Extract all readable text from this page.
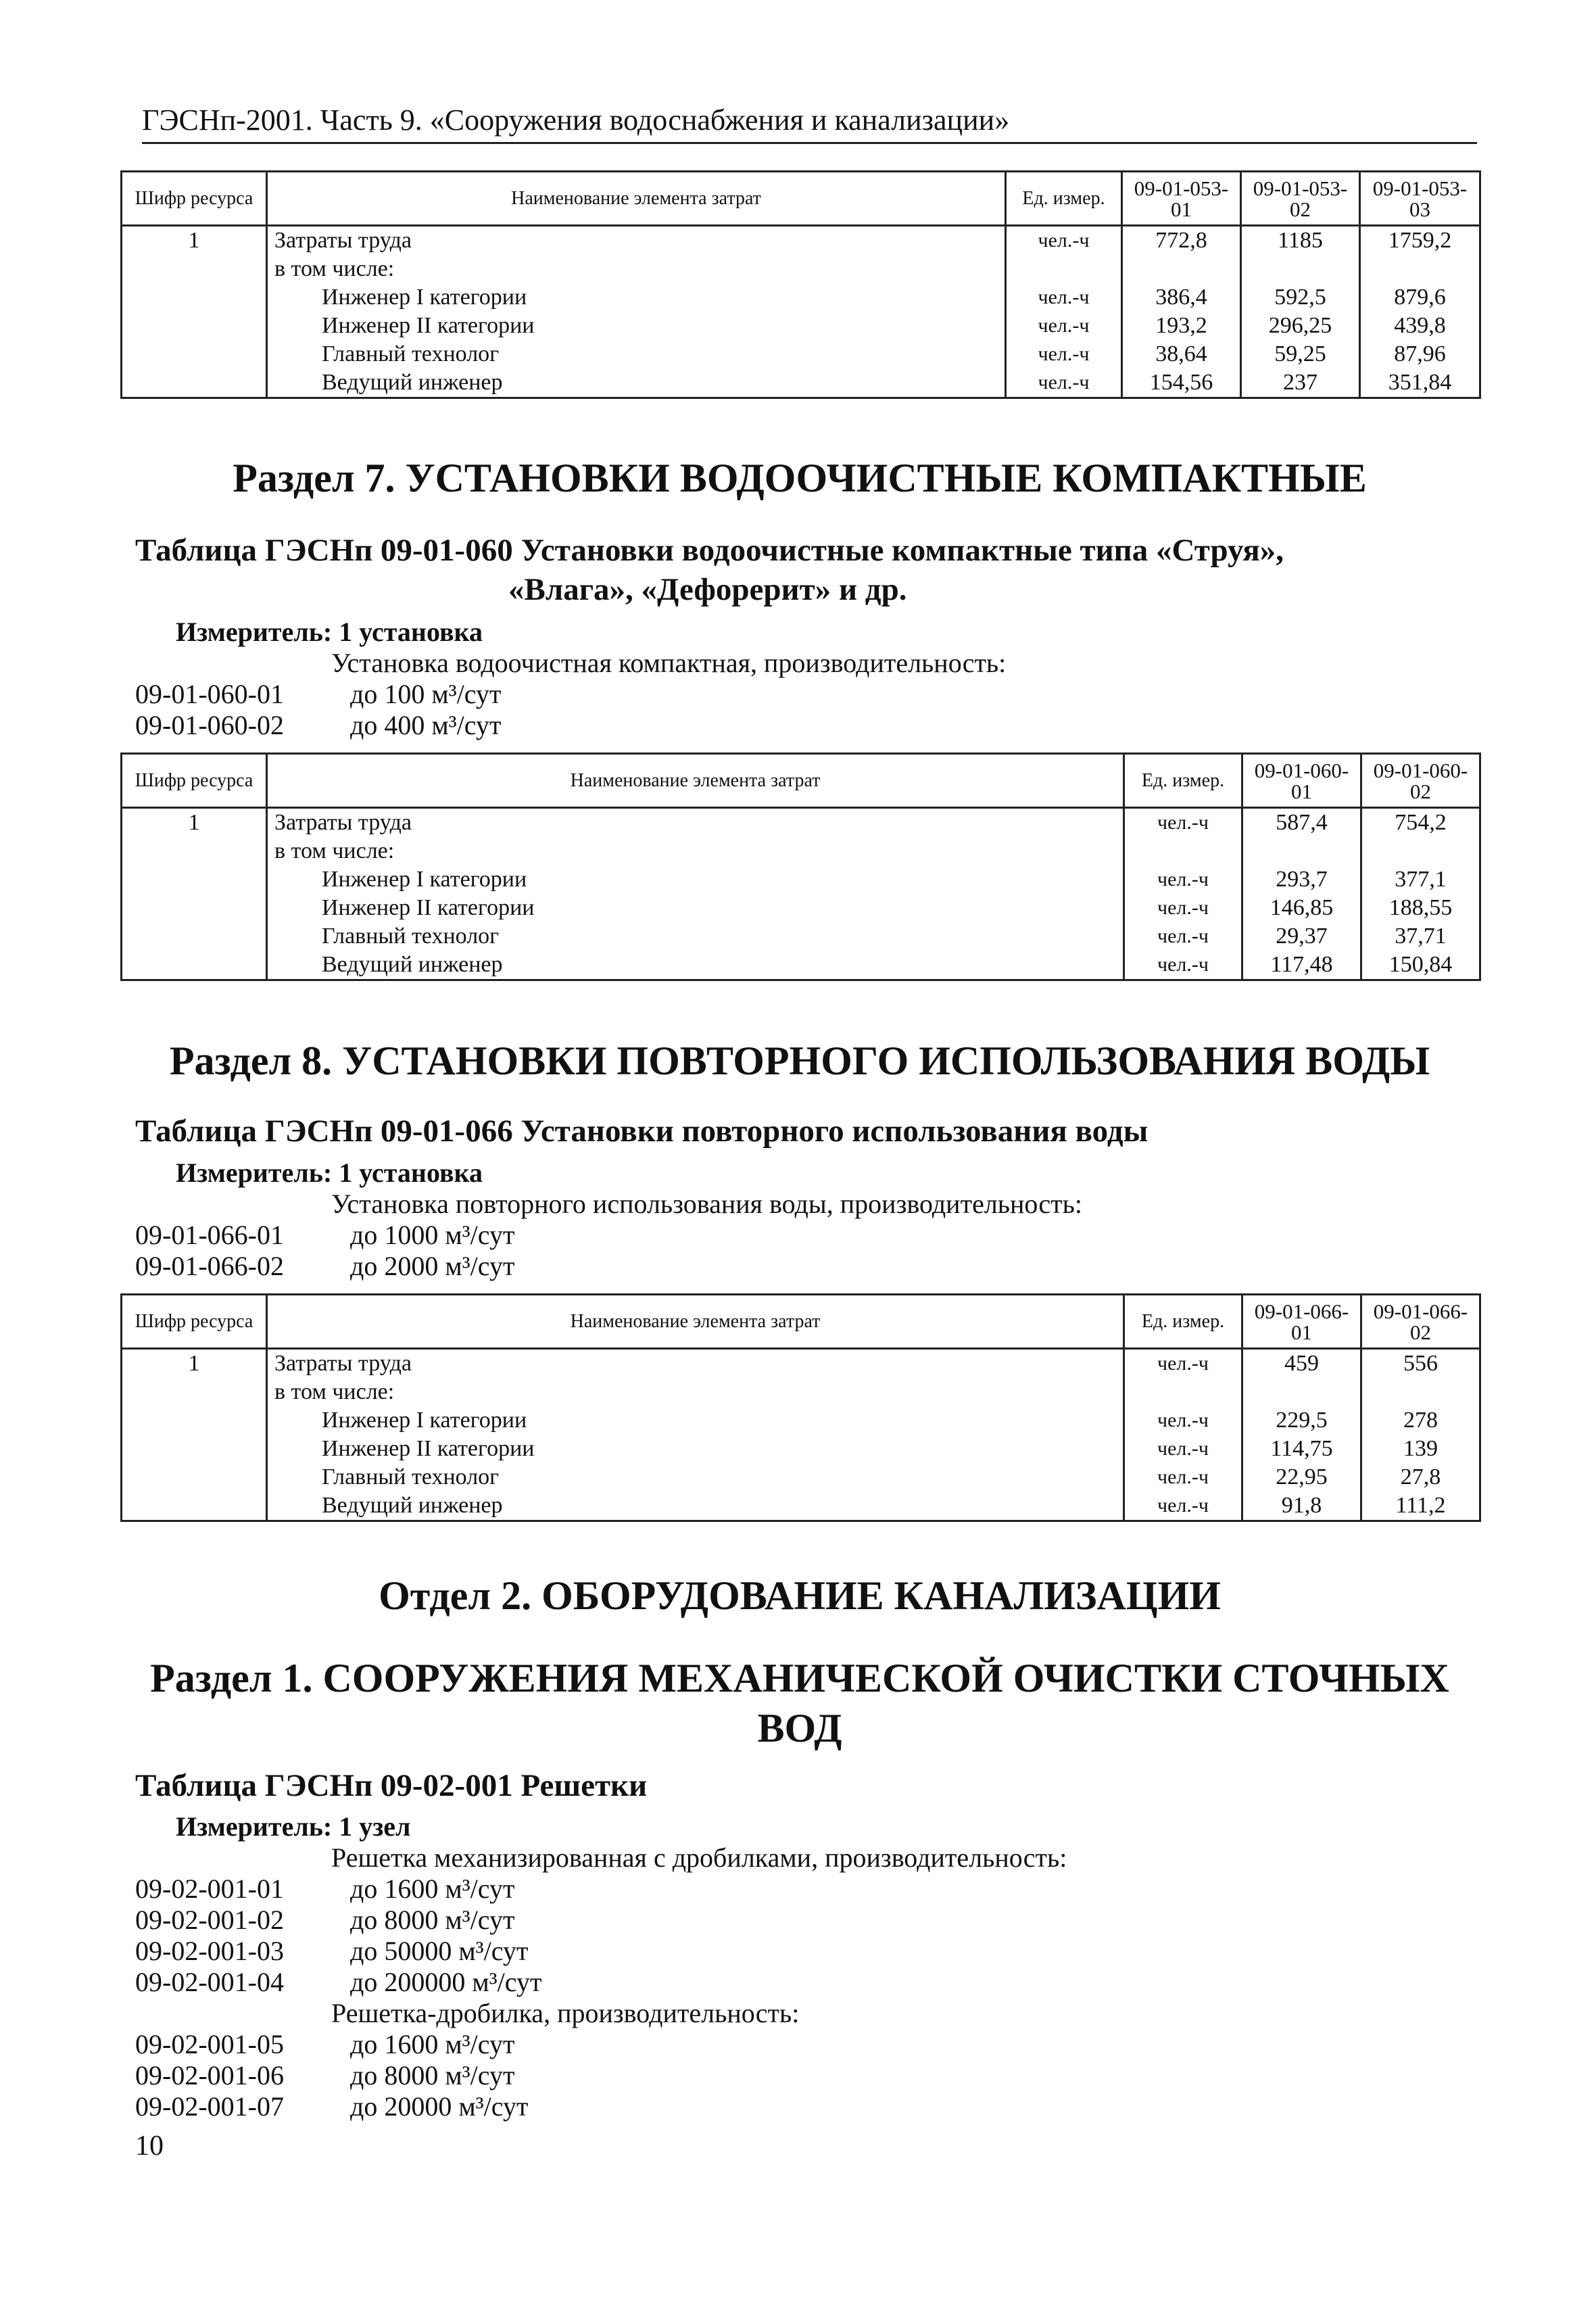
ГЭСНп-2001. Часть 9. «Сооружения водоснабжения и канализации»
Шифр ресурса	Наименование элемента затрат	Ед. измер.	09-01-053-01	09-01-053-02	09-01-053-03
1	Затраты труда	чел.-ч	772,8	1185	1759,2
	в том числе:				
	Инженер I категории	чел.-ч	386,4	592,5	879,6
	Инженер II категории	чел.-ч	193,2	296,25	439,8
	Главный технолог	чел.-ч	38,64	59,25	87,96
	Ведущий инженер	чел.-ч	154,56	237	351,84
Раздел 7. УСТАНОВКИ ВОДООЧИСТНЫЕ КОМПАКТНЫЕ
Таблица ГЭСНп 09-01-060 Установки водоочистные компактные типа «Струя»,
«Влага», «Дефорерит» и др.
Измеритель: 1 установка
Установка водоочистная компактная, производительность:
09-01-060-01 до 100 м³/сут
09-01-060-02 до 400 м³/сут
Шифр ресурса	Наименование элемента затрат	Ед. измер.	09-01-060-01	09-01-060-02
1	Затраты труда	чел.-ч	587,4	754,2
	в том числе:			
	Инженер I категории	чел.-ч	293,7	377,1
	Инженер II категории	чел.-ч	146,85	188,55
	Главный технолог	чел.-ч	29,37	37,71
	Ведущий инженер	чел.-ч	117,48	150,84
Раздел 8. УСТАНОВКИ ПОВТОРНОГО ИСПОЛЬЗОВАНИЯ ВОДЫ
Таблица ГЭСНп 09-01-066 Установки повторного использования воды
Измеритель: 1 установка
Установка повторного использования воды, производительность:
09-01-066-01 до 1000 м³/сут
09-01-066-02 до 2000 м³/сут
Шифр ресурса	Наименование элемента затрат	Ед. измер.	09-01-066-01	09-01-066-02
1	Затраты труда	чел.-ч	459	556
	в том числе:			
	Инженер I категории	чел.-ч	229,5	278
	Инженер II категории	чел.-ч	114,75	139
	Главный технолог	чел.-ч	22,95	27,8
	Ведущий инженер	чел.-ч	91,8	111,2
Отдел 2. ОБОРУДОВАНИЕ КАНАЛИЗАЦИИ
Раздел 1. СООРУЖЕНИЯ МЕХАНИЧЕСКОЙ ОЧИСТКИ СТОЧНЫХ
ВОД
Таблица ГЭСНп 09-02-001 Решетки
Измеритель: 1 узел
Решетка механизированная с дробилками, производительность:
09-02-001-01 до 1600 м³/сут
09-02-001-02 до 8000 м³/сут
09-02-001-03 до 50000 м³/сут
09-02-001-04 до 200000 м³/сут
Решетка-дробилка, производительность:
09-02-001-05 до 1600 м³/сут
09-02-001-06 до 8000 м³/сут
09-02-001-07 до 20000 м³/сут
10
